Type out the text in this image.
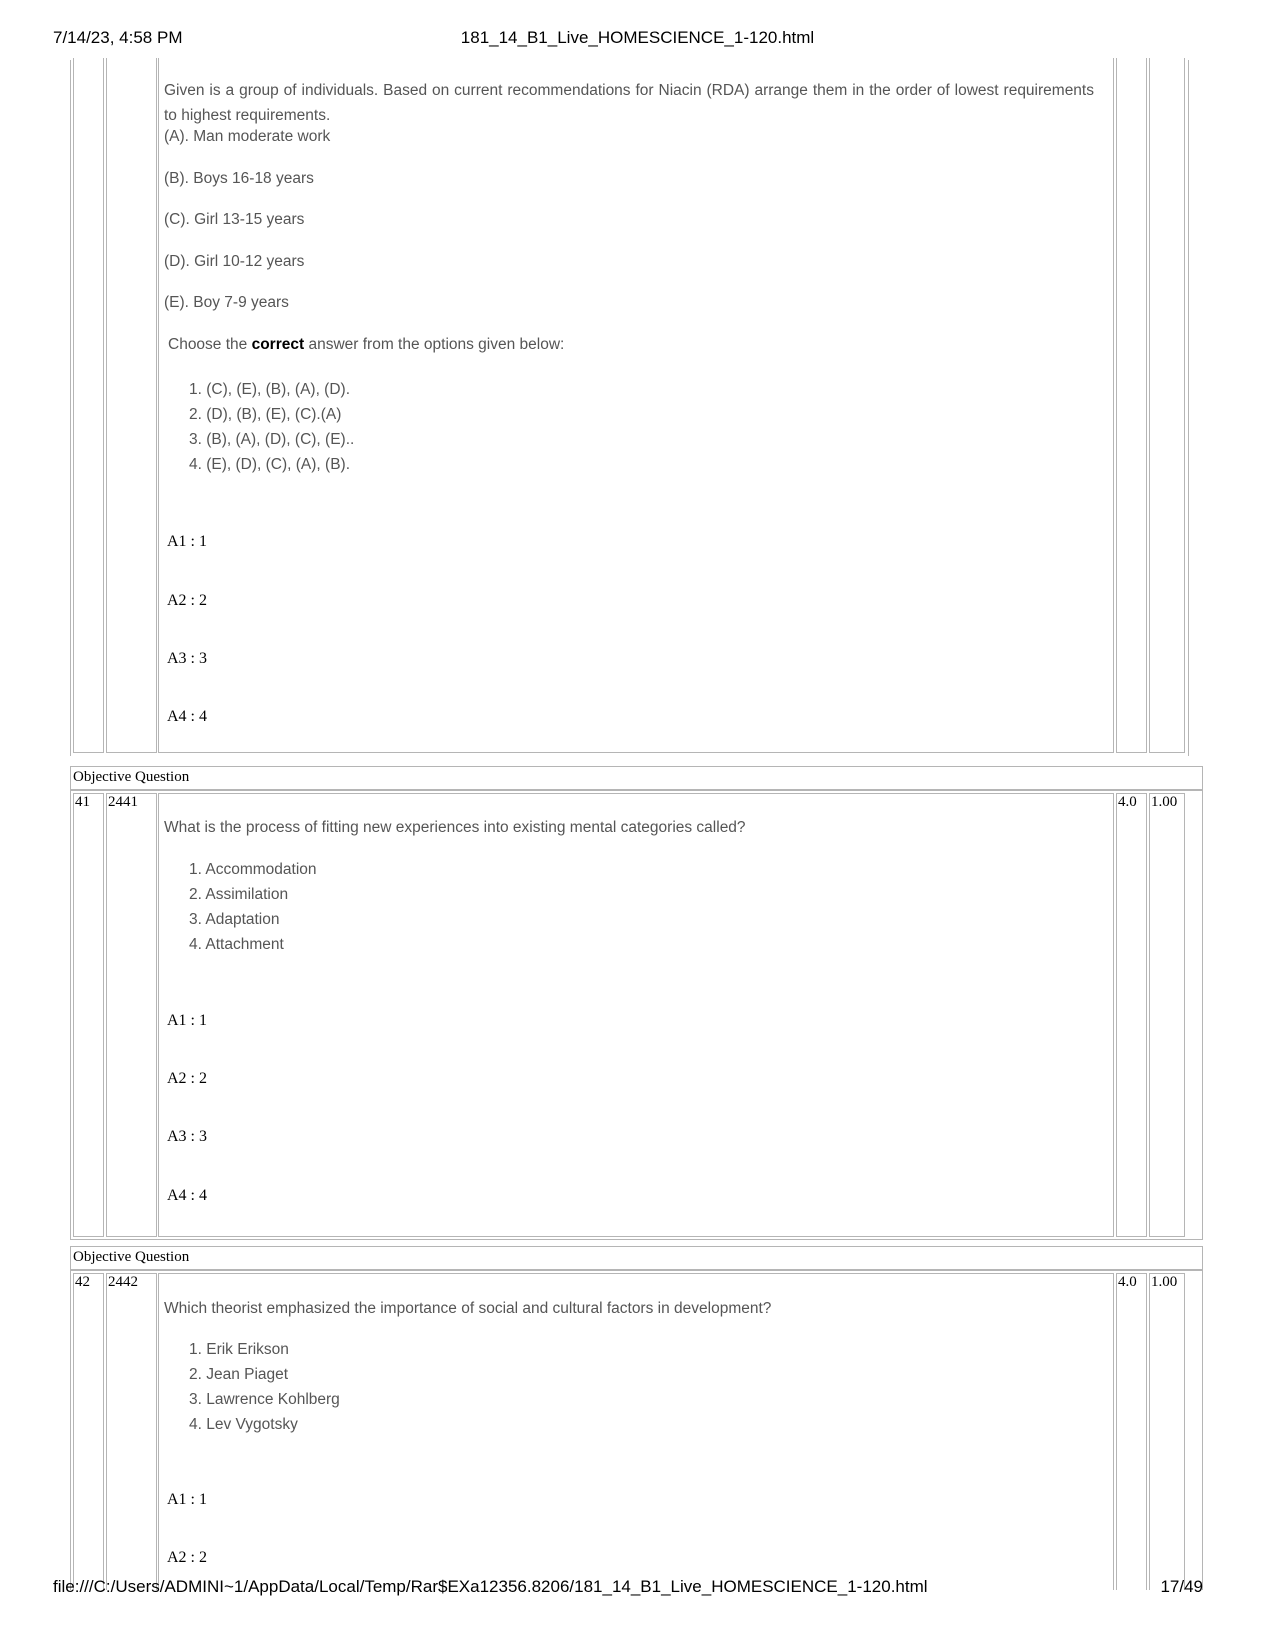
7/14/23, 4:58 PM	181_14_B1_Live_HOMESCIENCE_1-120.html
Given is a group of individuals. Based on current recommendations for Niacin (RDA) arrange them in the order of lowest requirements to highest requirements.
(A). Man moderate work
(B). Boys 16-18 years
(C). Girl 13-15 years
(D). Girl 10-12 years
(E). Boy 7-9 years
Choose the correct answer from the options given below:
1. (C), (E), (B), (A), (D).
2. (D), (B), (E), (C).(A)
3. (B), (A), (D), (C), (E)..
4. (E), (D), (C), (A), (B).
A1 : 1
A2 : 2
A3 : 3
A4 : 4
Objective Question
41 2441	4.0 1.00
What is the process of fitting new experiences into existing mental categories called?
1. Accommodation
2. Assimilation
3. Adaptation
4. Attachment
A1 : 1
A2 : 2
A3 : 3
A4 : 4
Objective Question
42 2442	4.0 1.00
Which theorist emphasized the importance of social and cultural factors in development?
1. Erik Erikson
2. Jean Piaget
3. Lawrence Kohlberg
4. Lev Vygotsky
A1 : 1
A2 : 2
file:///C:/Users/ADMINI~1/AppData/Local/Temp/Rar$EXa12356.8206/181_14_B1_Live_HOMESCIENCE_1-120.html	17/49
